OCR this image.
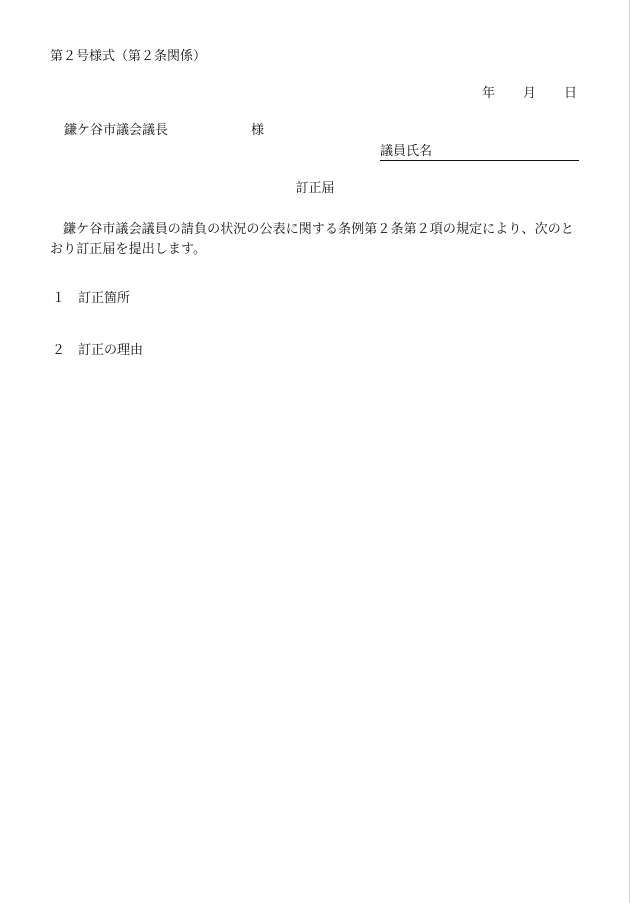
第２号様式（第２条関係）
年 月 日
鎌ケ谷市議会議長	様
議員氏名
訂正届
鎌ケ谷市議会議員の請負の状況の公表に関する条例第２条第２項の規定により、次のとおり訂正届を提出します。
１ 訂正箇所
２ 訂正の理由
